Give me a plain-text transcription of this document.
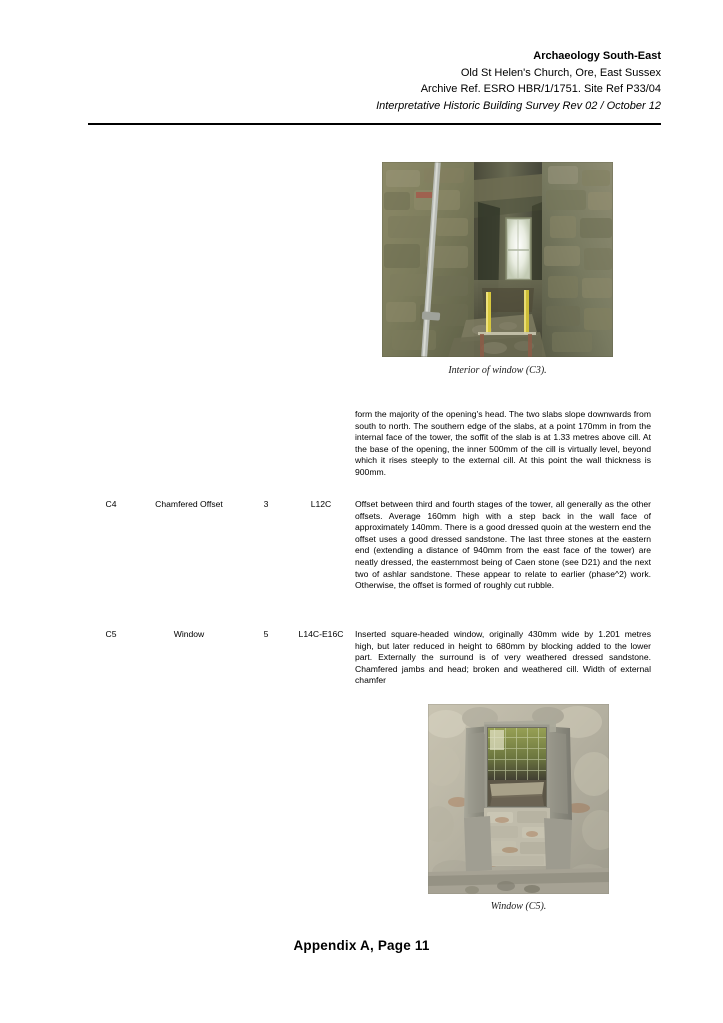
Archaeology South-East
Old St Helen's Church, Ore, East Sussex
Archive Ref. ESRO HBR/1/1751. Site Ref P33/04
Interpretative Historic Building Survey Rev 02 / October 12
Interior of window (C3).

form the majority of the opening's head. The two slabs slope downwards from south to north. The southern edge of the slabs, at a point 170mm in from the internal face of the tower, the soffit of the slab is at 1.33 metres above cill. At the base of the opening, the inner 500mm of the cill is virtually level, beyond which it rises steeply to the external cill. At this point the wall thickness is 900mm.

C4	Chamfered Offset	3	L12C	Offset between third and fourth stages of the tower, all generally as the other offsets. Average 160mm high with a step back in the wall face of approximately 140mm. There is a good dressed quoin at the western end the offset uses a good dressed sandstone. The last three stones at the eastern end (extending a distance of 940mm from the east face of the tower) are neatly dressed, the easternmost being of Caen stone (see D21) and the next two of ashlar sandstone. These appear to relate to earlier (phase^2) work. Otherwise, the offset is formed of roughly cut rubble.

C5	Window	5	L14C-E16C	Inserted square-headed window, originally 430mm wide by 1.201 metres high, but later reduced in height to 680mm by blocking added to the lower part. Externally the surround is of very weathered dressed sandstone. Chamfered jambs and head; broken and weathered cill. Width of external chamfer

Window (C5).
Appendix A, Page 11
